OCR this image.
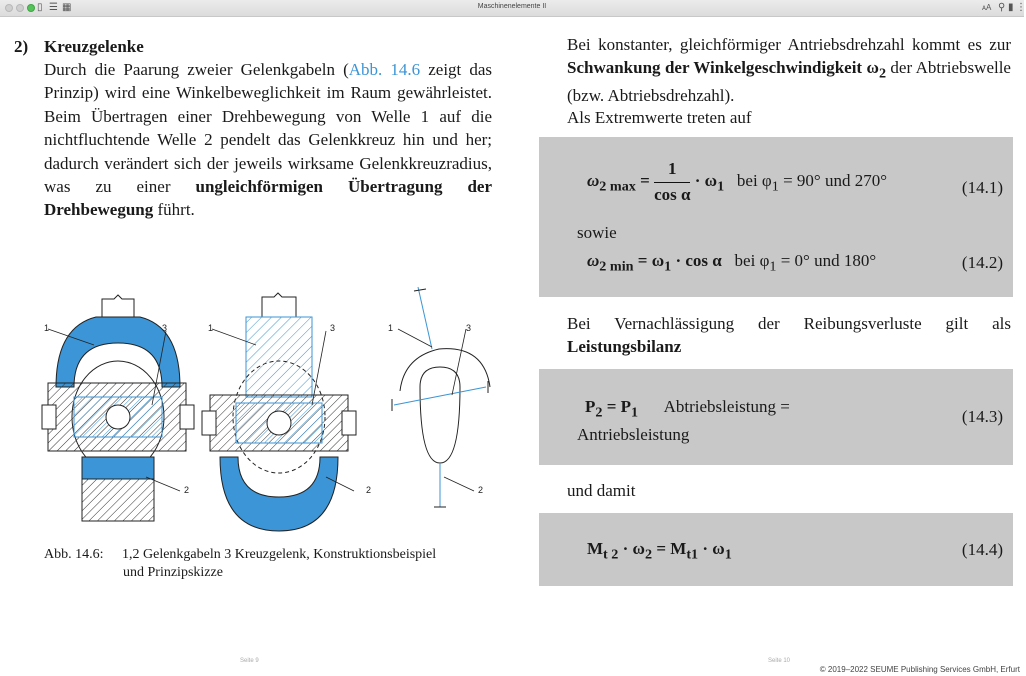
▯ ☰ ▦	Maschinenelemente II	ᴀA ⚲ ▮ ⋮
2) Kreuzgelenke

Durch die Paarung zweier Gelenkgabeln (Abb. 14.6 zeigt das Prinzip) wird eine Winkelbeweglichkeit im Raum gewährleistet. Beim Übertragen einer Drehbewegung von Welle 1 auf die nichtfluchtende Welle 2 pendelt das Gelenkkreuz hin und her; dadurch verändert sich der jeweils wirksame Gelenkkreuzradius, was zu einer ungleichförmigen Übertragung der Drehbewegung führt.

1	3
2
1	3
2
1	3
2
Abb. 14.6: 1,2 Gelenkgabeln 3 Kreuzgelenk, Konstruktionsbeispiel
und Prinzipskizze

Bei konstanter, gleichförmiger Antriebsdrehzahl kommt es zur Schwankung der Winkelgeschwindigkeit $\omega_2$ der Abtriebswelle (bzw. Abtriebsdrehzahl).

Als Extremwerte treten auf

$\omega_{2 max} = \frac{1}{\text{cos α}} \cdot \omega_1$ bei $\varphi_1 = 90^\circ$ und 270°	(14.1)
sowie
$\omega_{2 min} = \omega_1 \cdot \cos \alpha$ bei $\varphi_1 = 0^\circ$ und 180°	(14.2)

Bei Vernachlässigung der Reibungsverluste gilt als Leistungsbilanz

$P_2 = P_1$ Abtriebsleistung =
Antriebsleistung
(14.3)

und damit

$M_{t 2} \cdot \omega_2 = M_{t1} \cdot \omega_1$	(14.4)
Seite 9	Seite 10
© 2019–2022 SEUME Publishing Services GmbH, Erfurt
